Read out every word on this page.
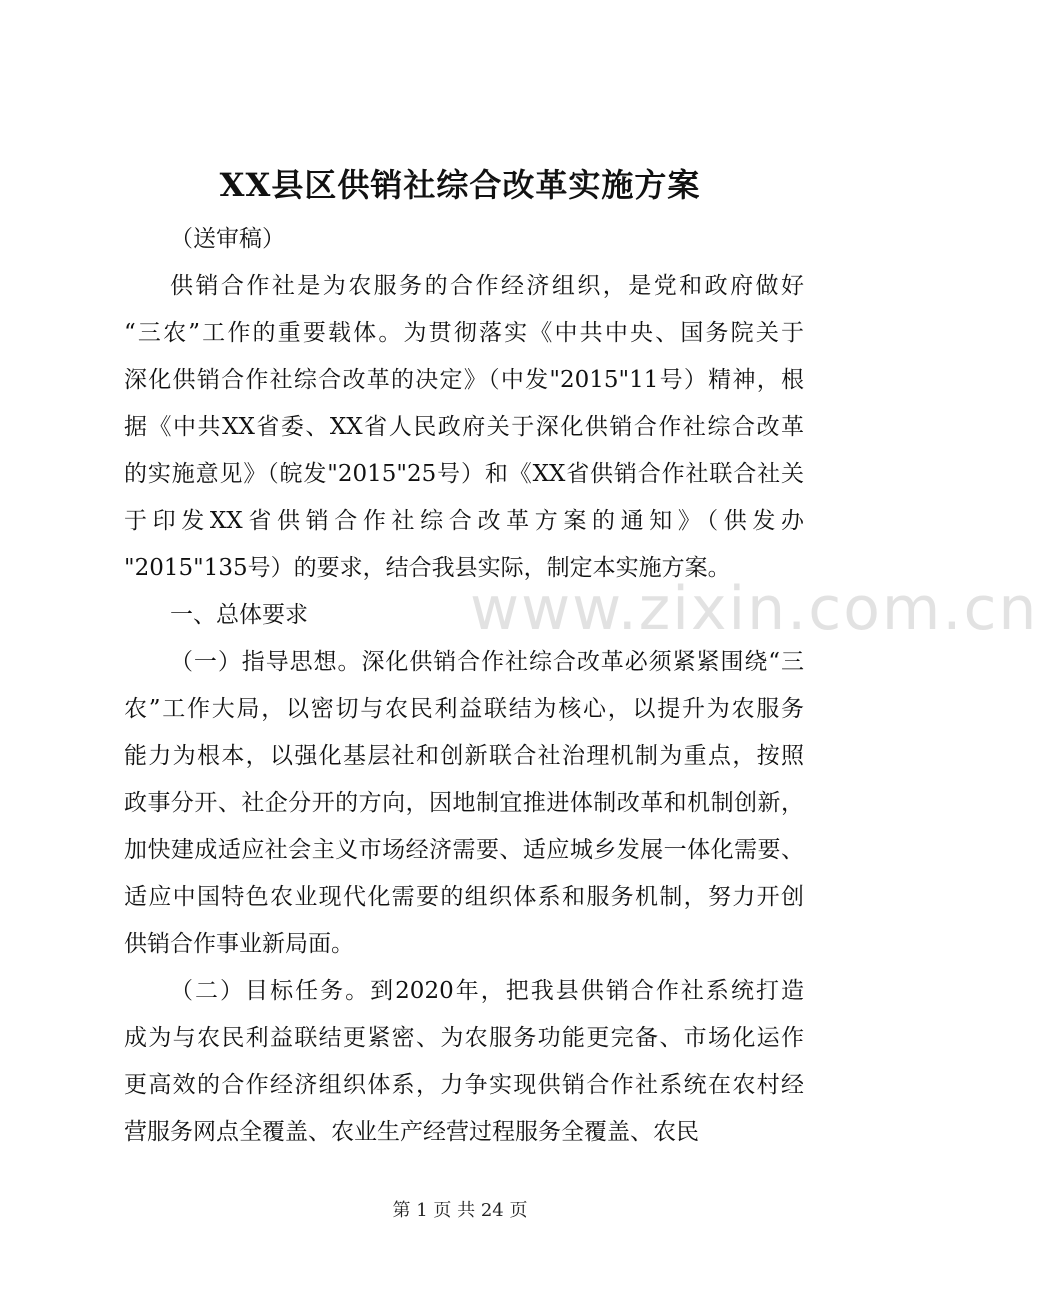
XX县区供销社综合改革实施方案
（送审稿）
供销合作社是为农服务的合作经济组织，是党和政府做好
“三农”工作的重要载体。为贯彻落实《中共中央、国务院关于
深化供销合作社综合改革的决定》（中发"2015"11号）精神，根
据《中共XX省委、XX省人民政府关于深化供销合作社综合改革
的实施意见》（皖发"2015"25号）和《XX省供销合作社联合社关
于印发XX省供销合作社综合改革方案的通知》（供发办
"2015"135号）的要求，结合我县实际，制定本实施方案。
一、总体要求
（一）指导思想。深化供销合作社综合改革必须紧紧围绕“三
农”工作大局，以密切与农民利益联结为核心，以提升为农服务
能力为根本，以强化基层社和创新联合社治理机制为重点，按照
政事分开、社企分开的方向，因地制宜推进体制改革和机制创新，
加快建成适应社会主义市场经济需要、适应城乡发展一体化需要、
适应中国特色农业现代化需要的组织体系和服务机制，努力开创
供销合作事业新局面。
（二）目标任务。到2020年，把我县供销合作社系统打造
成为与农民利益联结更紧密、为农服务功能更完备、市场化运作
更高效的合作经济组织体系，力争实现供销合作社系统在农村经
营服务网点全覆盖、农业生产经营过程服务全覆盖、农民
www.zixin.com.cn
第 1 页 共 24 页
